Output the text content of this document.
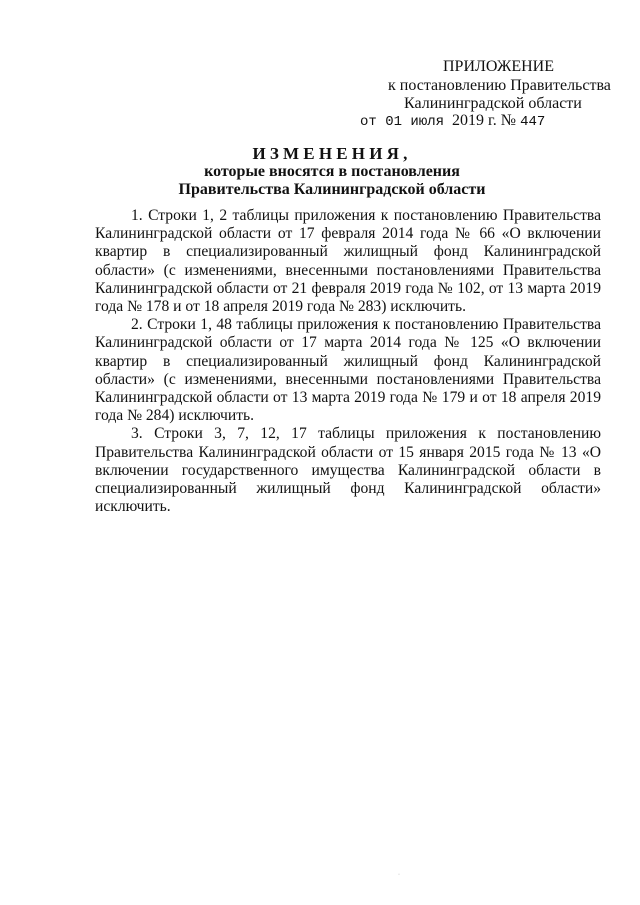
ПРИЛОЖЕНИЕ
к постановлению Правительства
Калининградской области
от 01 июля 2019 г. № 447
ИЗМЕНЕНИЯ,
которые вносятся в постановления
Правительства Калининградской области

1. Строки 1, 2 таблицы приложения к постановлению Правительства Калининградской области от 17 февраля 2014 года № 66 «О включении квартир в специализированный жилищный фонд Калининградской области» (с изменениями, внесенными постановлениями Правительства Калининградской области от 21 февраля 2019 года № 102, от 13 марта 2019 года № 178 и от 18 апреля 2019 года № 283) исключить.

2. Строки 1, 48 таблицы приложения к постановлению Правительства Калининградской области от 17 марта 2014 года № 125 «О включении квартир в специализированный жилищный фонд Калининградской области» (с изменениями, внесенными постановлениями Правительства Калининградской области от 13 марта 2019 года № 179 и от 18 апреля 2019 года № 284) исключить.

3. Строки 3, 7, 12, 17 таблицы приложения к постановлению Правительства Калининградской области от 15 января 2015 года № 13 «О включении государственного имущества Калининградской области в специализированный жилищный фонд Калининградской области» исключить.

·
